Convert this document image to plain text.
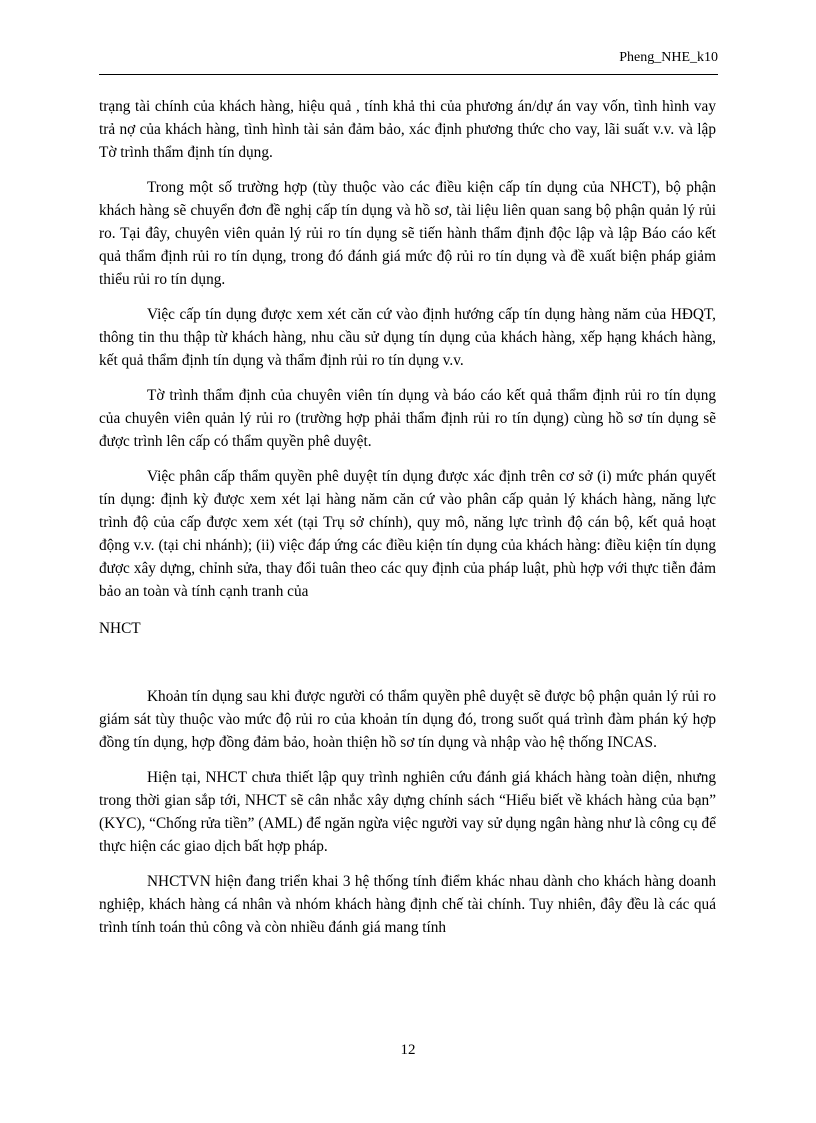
Pheng_NHE_k10

trạng tài chính của khách hàng, hiệu quả , tính khả thi của phương án/dự án vay vốn, tình hình vay trả nợ của khách hàng, tình hình tài sản đảm bảo, xác định phương thức cho vay, lãi suất v.v. và lập Tờ trình thẩm định tín dụng.

Trong một số trường hợp (tùy thuộc vào các điều kiện cấp tín dụng của NHCT), bộ phận khách hàng sẽ chuyển đơn đề nghị cấp tín dụng và hồ sơ, tài liệu liên quan sang bộ phận quản lý rủi ro. Tại đây, chuyên viên quản lý rủi ro tín dụng sẽ tiến hành thẩm định độc lập và lập Báo cáo kết quả thẩm định rủi ro tín dụng, trong đó đánh giá mức độ rủi ro tín dụng và đề xuất biện pháp giảm thiểu rủi ro tín dụng.

Việc cấp tín dụng được xem xét căn cứ vào định hướng cấp tín dụng hàng năm của HĐQT, thông tin thu thập từ khách hàng, nhu cầu sử dụng tín dụng của khách hàng, xếp hạng khách hàng, kết quả thẩm định tín dụng và thẩm định rủi ro tín dụng v.v.

Tờ trình thẩm định của chuyên viên tín dụng và báo cáo kết quả thẩm định rủi ro tín dụng của chuyên viên quản lý rủi ro (trường hợp phải thẩm định rủi ro tín dụng) cùng hồ sơ tín dụng sẽ được trình lên cấp có thẩm quyền phê duyệt.

Việc phân cấp thẩm quyền phê duyệt tín dụng được xác định trên cơ sở (i) mức phán quyết tín dụng: định kỳ được xem xét lại hàng năm căn cứ vào phân cấp quản lý khách hàng, năng lực trình độ của cấp được xem xét (tại Trụ sở chính), quy mô, năng lực trình độ cán bộ, kết quả hoạt động v.v. (tại chi nhánh); (ii) việc đáp ứng các điều kiện tín dụng của khách hàng: điều kiện tín dụng được xây dựng, chỉnh sửa, thay đổi tuân theo các quy định của pháp luật, phù hợp với thực tiễn đảm bảo an toàn và tính cạnh tranh của

NHCT

Khoản tín dụng sau khi được người có thẩm quyền phê duyệt sẽ được bộ phận quản lý rủi ro giám sát tùy thuộc vào mức độ rủi ro của khoản tín dụng đó, trong suốt quá trình đàm phán ký hợp đồng tín dụng, hợp đồng đảm bảo, hoàn thiện hồ sơ tín dụng và nhập vào hệ thống INCAS.

Hiện tại, NHCT chưa thiết lập quy trình nghiên cứu đánh giá khách hàng toàn diện, nhưng trong thời gian sắp tới, NHCT sẽ cân nhắc xây dựng chính sách “Hiểu biết về khách hàng của bạn” (KYC), “Chống rửa tiền” (AML) để ngăn ngừa việc người vay sử dụng ngân hàng như là công cụ để thực hiện các giao dịch bất hợp pháp.

NHCTVN hiện đang triển khai 3 hệ thống tính điểm khác nhau dành cho khách hàng doanh nghiệp, khách hàng cá nhân và nhóm khách hàng định chế tài chính. Tuy nhiên, đây đều là các quá trình tính toán thủ công và còn nhiều đánh giá mang tính

12
